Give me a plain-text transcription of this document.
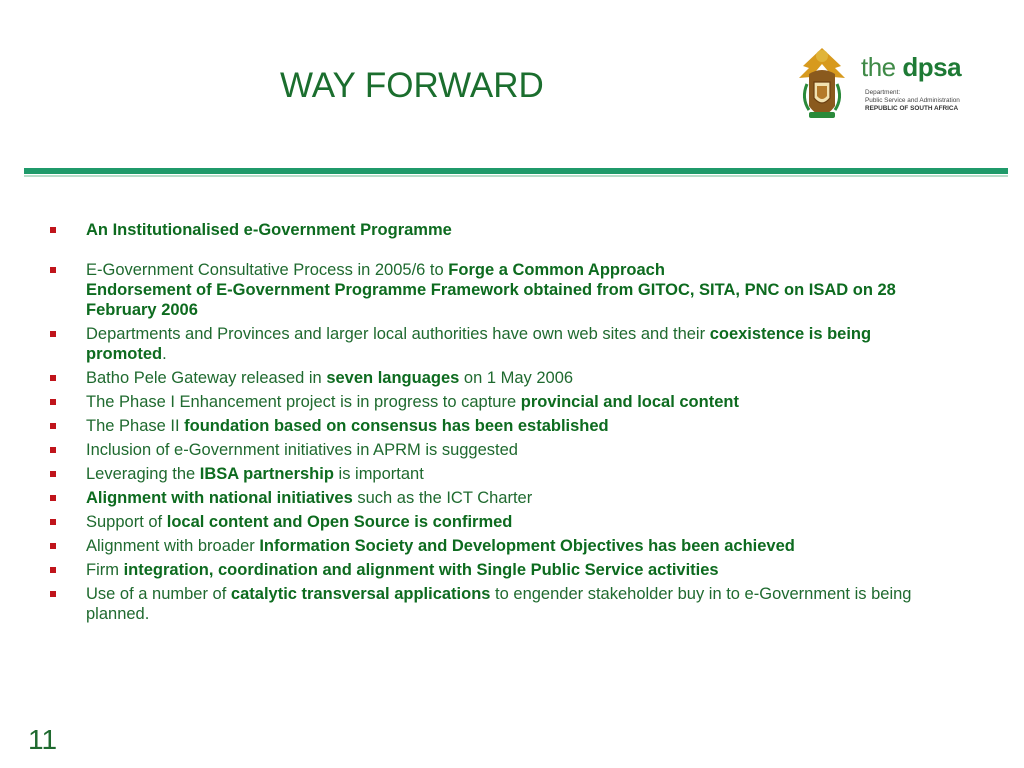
WAY FORWARD	the dpsa
Department:
Public Service and Administration
REPUBLIC OF SOUTH AFRICA
An Institutionalised e-Government Programme
E-Government Consultative Process in 2005/6 to Forge a Common Approach
Endorsement of E-Government Programme Framework obtained from GITOC, SITA, PNC on ISAD on 28 February 2006
Departments and Provinces and larger local authorities have own web sites and their coexistence is being promoted.
Batho Pele Gateway released in seven languages on 1 May 2006
The Phase I Enhancement project is in progress to capture provincial and local content
The Phase II foundation based on consensus has been established
Inclusion of e-Government initiatives in APRM is suggested
Leveraging the IBSA partnership is important
Alignment with national initiatives such as the ICT Charter
Support of local content and Open Source is confirmed
Alignment with broader Information Society and Development Objectives has been achieved
Firm integration, coordination and alignment with Single Public Service activities
Use of a number of catalytic transversal applications to engender stakeholder buy in to e-Government is being planned.
11
